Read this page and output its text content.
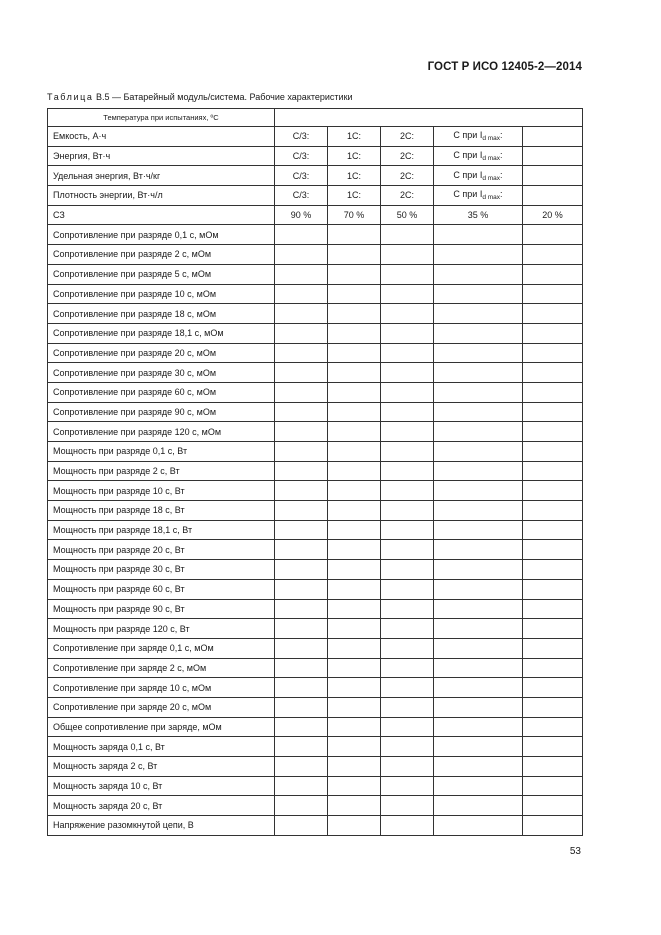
ГОСТ Р ИСО 12405-2—2014
Таблица В.5 — Батарейный модуль/система. Рабочие характеристики
Температура при испытаниях, ºC					
Емкость, А·ч	C/3:	1C:	2C:	C при $I_{d max}$:	
Энергия, Вт·ч	C/3:	1C:	2C:	C при $I_{d max}$:	
Удельная энергия, Вт·ч/кг	C/3:	1C:	2C:	C при $I_{d max}$:	
Плотность энергии, Вт·ч/л	C/3:	1C:	2C:	C при $I_{d max}$:	
СЗ	90 %	70 %	50 %	35 %	20 %
Сопротивление при разряде 0,1 с, мОм					
Сопротивление при разряде 2 с, мОм					
Сопротивление при разряде 5 с, мОм					
Сопротивление при разряде 10 с, мОм					
Сопротивление при разряде 18 с, мОм					
Сопротивление при разряде 18,1 с, мОм					
Сопротивление при разряде 20 с, мОм					
Сопротивление при разряде 30 с, мОм					
Сопротивление при разряде 60 с, мОм					
Сопротивление при разряде 90 с, мОм					
Сопротивление при разряде 120 с, мОм					
Мощность при разряде 0,1 с, Вт					
Мощность при разряде 2 с, Вт					
Мощность при разряде 10 с, Вт					
Мощность при разряде 18 с, Вт					
Мощность при разряде 18,1 с, Вт					
Мощность при разряде 20 с, Вт					
Мощность при разряде 30 с, Вт					
Мощность при разряде 60 с, Вт					
Мощность при разряде 90 с, Вт					
Мощность при разряде 120 с, Вт					
Сопротивление при заряде 0,1 с, мОм					
Сопротивление при заряде 2 с, мОм					
Сопротивление при заряде 10 с, мОм					
Сопротивление при заряде 20 с, мОм					
Общее сопротивление при заряде, мОм					
Мощность заряда 0,1 с, Вт					
Мощность заряда 2 с, Вт					
Мощность заряда 10 с, Вт					
Мощность заряда 20 с, Вт					
Напряжение разомкнутой цепи, В					
53
